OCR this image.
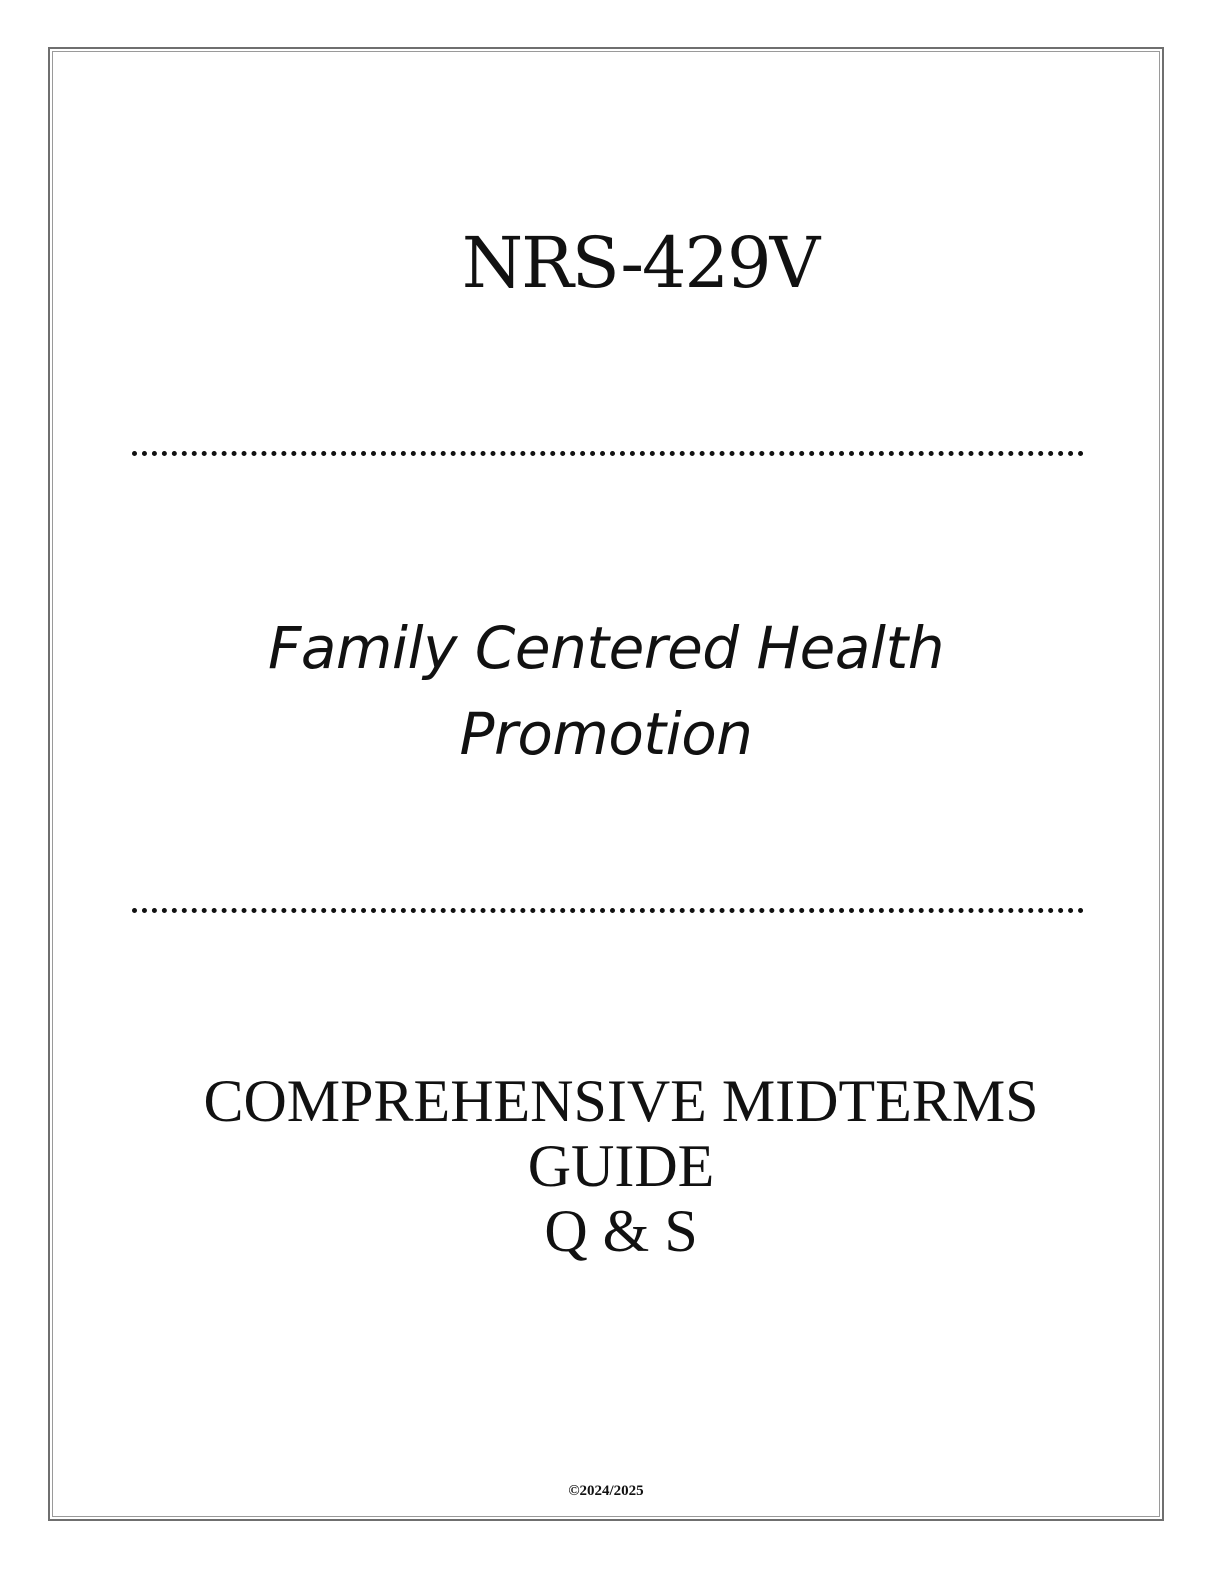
NRS-429V
Family Centered Health
Promotion
COMPREHENSIVE MIDTERMS
GUIDE
Q & S
©2024/2025
